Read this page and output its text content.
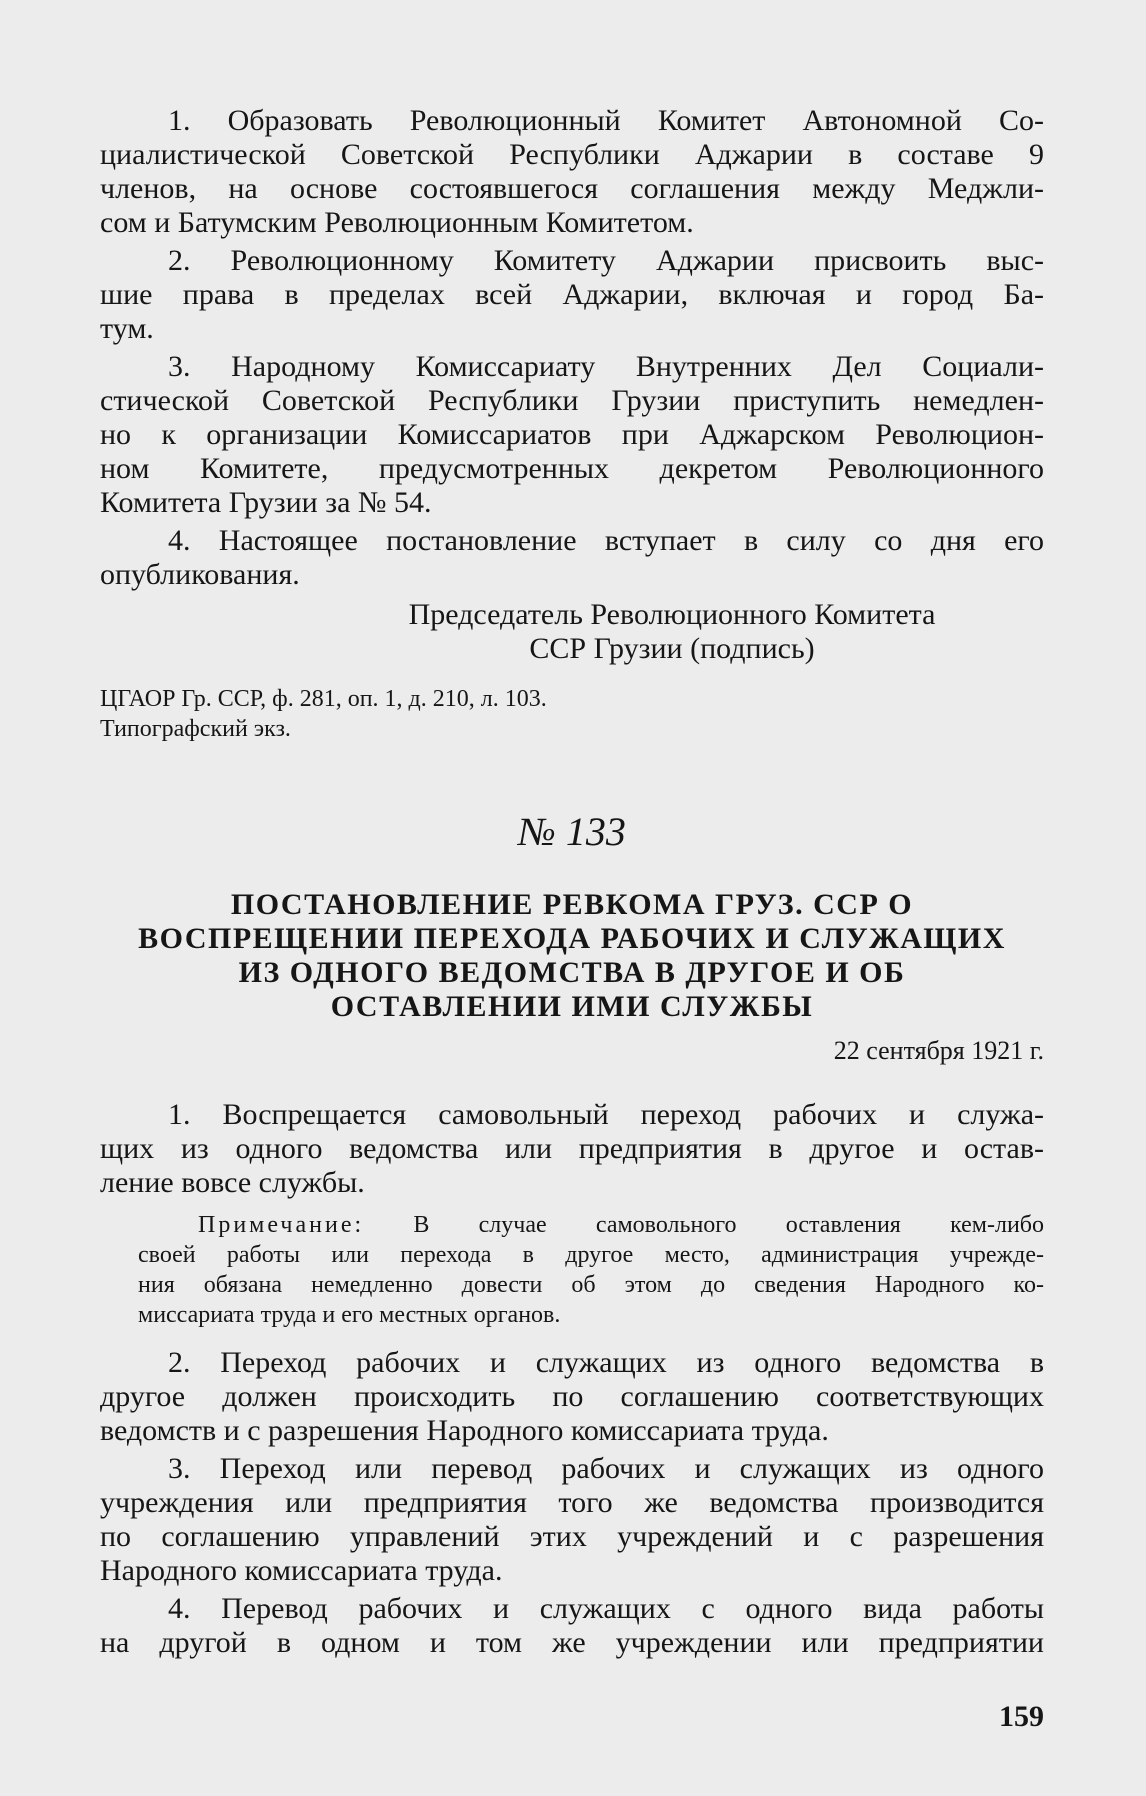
1. Образовать Революционный Комитет Автономной Со-
циалистической Советской Республики Аджарии в составе 9
членов, на основе состоявшегося соглашения между Меджли-
сом и Батумским Революционным Комитетом.
2. Революционному Комитету Аджарии присвоить выс-
шие права в пределах всей Аджарии, включая и город Ба-
тум.
3. Народному Комиссариату Внутренних Дел Социали-
стической Советской Республики Грузии приступить немедлен-
но к организации Комиссариатов при Аджарском Революцион-
ном Комитете, предусмотренных декретом Революционного
Комитета Грузии за № 54.
4. Настоящее постановление вступает в силу со дня его
опубликования.
Председатель Революционного Комитета
ССР Грузии (подпись)
ЦГАОР Гр. ССР, ф. 281, оп. 1, д. 210, л. 103.
Типографский экз.
№ 133
ПОСТАНОВЛЕНИЕ РЕВКОМА ГРУЗ. ССР О
ВОСПРЕЩЕНИИ ПЕРЕХОДА РАБОЧИХ И СЛУЖАЩИХ
ИЗ ОДНОГО ВЕДОМСТВА В ДРУГОЕ И ОБ
ОСТАВЛЕНИИ ИМИ СЛУЖБЫ
22 сентября 1921 г.
1. Воспрещается самовольный переход рабочих и служа-
щих из одного ведомства или предприятия в другое и остав-
ление вовсе службы.
Примечание: В случае самовольного оставления кем-либо
своей работы или перехода в другое место, администрация учрежде-
ния обязана немедленно довести об этом до сведения Народного ко-
миссариата труда и его местных органов.
2. Переход рабочих и служащих из одного ведомства в
другое должен происходить по соглашению соответствующих
ведомств и с разрешения Народного комиссариата труда.
3. Переход или перевод рабочих и служащих из одного
учреждения или предприятия того же ведомства производится
по соглашению управлений этих учреждений и с разрешения
Народного комиссариата труда.
4. Перевод рабочих и служащих с одного вида работы
на другой в одном и том же учреждении или предприятии
159
